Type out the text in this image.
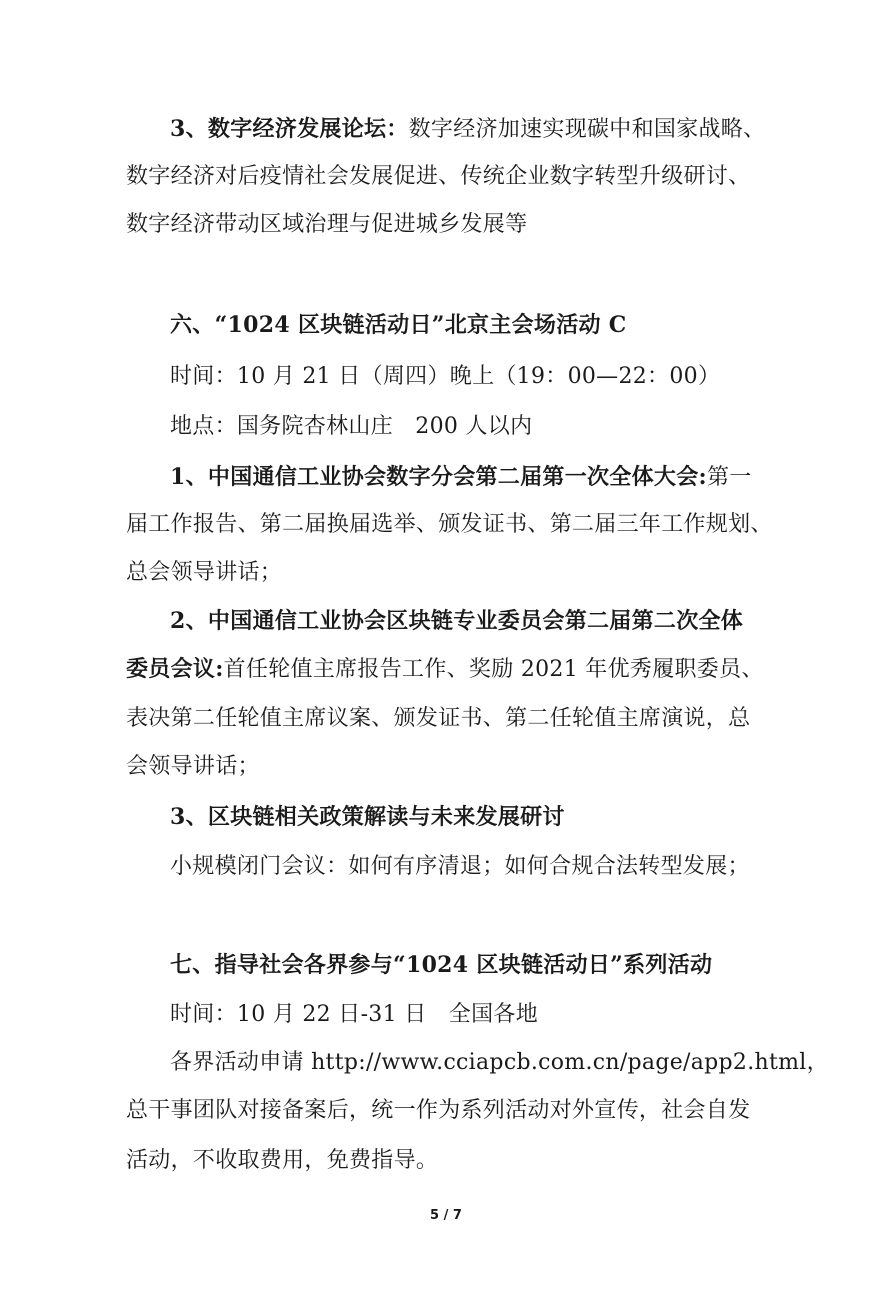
3、数字经济发展论坛：数字经济加速实现碳中和国家战略、
数字经济对后疫情社会发展促进、传统企业数字转型升级研讨、
数字经济带动区域治理与促进城乡发展等
六、“1024 区块链活动日”北京主会场活动 C
时间：10 月 21 日（周四）晚上（19：00—22：00）
地点：国务院杏林山庄　200 人以内
1、中国通信工业协会数字分会第二届第一次全体大会:第一
届工作报告、第二届换届选举、颁发证书、第二届三年工作规划、
总会领导讲话；
2、中国通信工业协会区块链专业委员会第二届第二次全体
委员会议:首任轮值主席报告工作、奖励 2021 年优秀履职委员、
表决第二任轮值主席议案、颁发证书、第二任轮值主席演说，总
会领导讲话；
3、区块链相关政策解读与未来发展研讨
小规模闭门会议：如何有序清退；如何合规合法转型发展；
七、指导社会各界参与“1024 区块链活动日”系列活动
时间：10 月 22 日-31 日　全国各地
各界活动申请 http://www.cciapcb.com.cn/page/app2.html，
总干事团队对接备案后，统一作为系列活动对外宣传，社会自发
活动，不收取费用，免费指导。
5 / 7
